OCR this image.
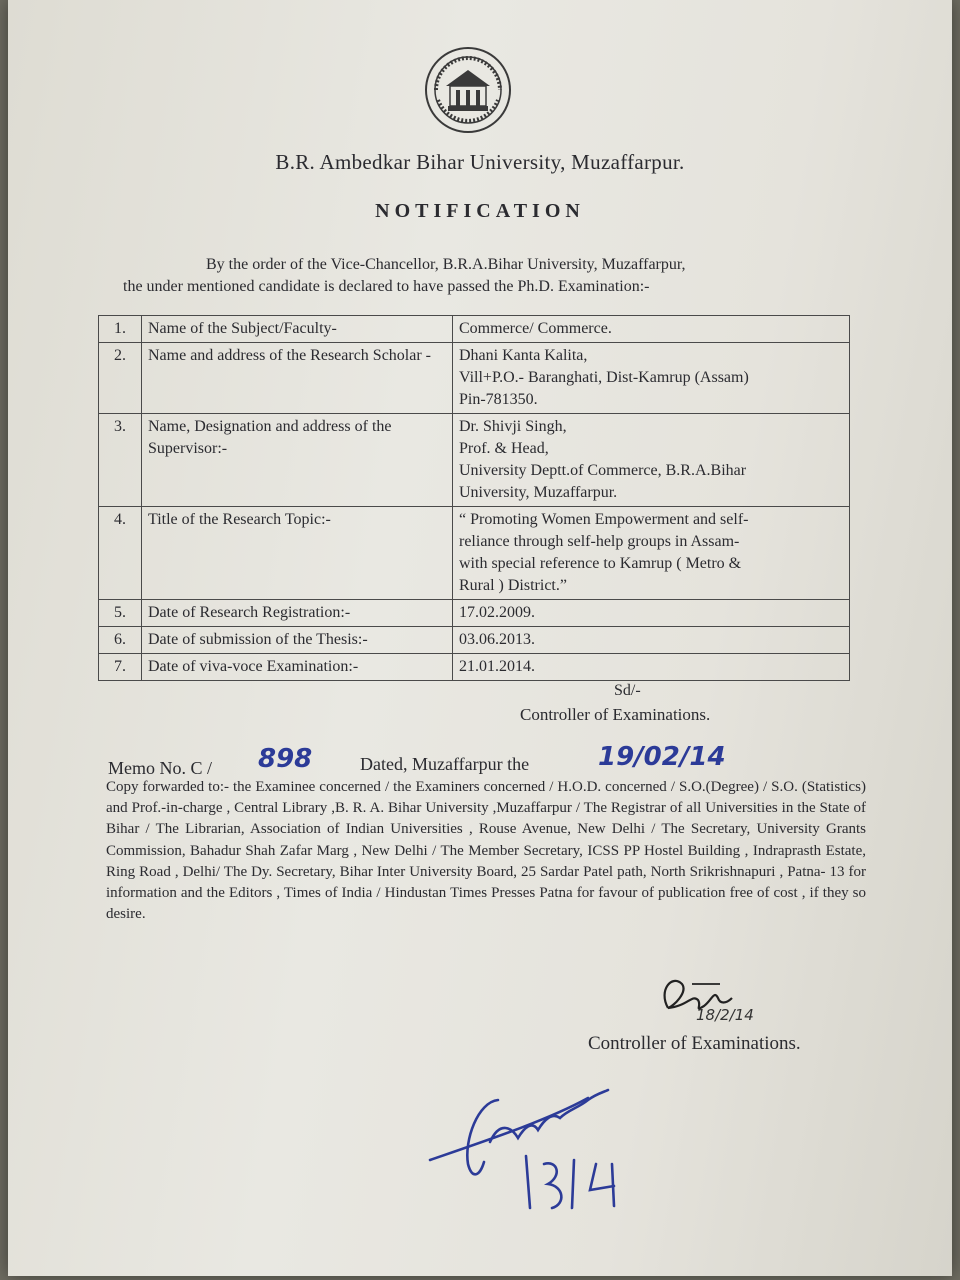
B.R. Ambedkar Bihar University, Muzaffarpur.
NOTIFICATION
By the order of the Vice-Chancellor, B.R.A.Bihar University, Muzaffarpur,
the under mentioned candidate is declared to have passed the Ph.D. Examination:-
1.	Name of the Subject/Faculty-	Commerce/ Commerce.

2.	Name and address of the Research Scholar -	Dhani Kanta Kalita,
Vill+P.O.- Baranghati, Dist-Kamrup (Assam)
Pin-781350.

3.	Name, Designation and address of the Supervisor:-	Dr. Shivji Singh,
Prof. & Head,
University Deptt.of Commerce, B.R.A.Bihar
University, Muzaffarpur.

4.	Title of the Research Topic:-	“ Promoting Women Empowerment and self-
reliance through self-help groups in Assam-
with special reference to Kamrup ( Metro &
Rural ) District.”

5.	Date of Research Registration:-	17.02.2009.

6.	Date of submission of the Thesis:-	03.06.2013.

7.	Date of viva-voce Examination:-	21.01.2014.
Sd/-
Controller of Examinations.
Memo No. C / 898	Dated, Muzaffarpur the	19/02/14
Copy forwarded to:- the Examinee concerned / the Examiners concerned / H.O.D. concerned / S.O.(Degree) / S.O. (Statistics) and Prof.-in-charge , Central Library ,B. R. A. Bihar University ,Muzaffarpur / The Registrar of all Universities in the State of Bihar / The Librarian, Association of Indian Universities , Rouse Avenue, New Delhi / The Secretary, University Grants Commission, Bahadur Shah Zafar Marg , New Delhi / The Member Secretary, ICSS PP Hostel Building , Indraprasth Estate, Ring Road , Delhi/ The Dy. Secretary, Bihar Inter University Board, 25 Sardar Patel path, North Srikrishnapuri , Patna- 13 for information and the Editors , Times of India / Hindustan Times Presses Patna for favour of publication free of cost , if they so desire.
18/2/14
Controller of Examinations.
